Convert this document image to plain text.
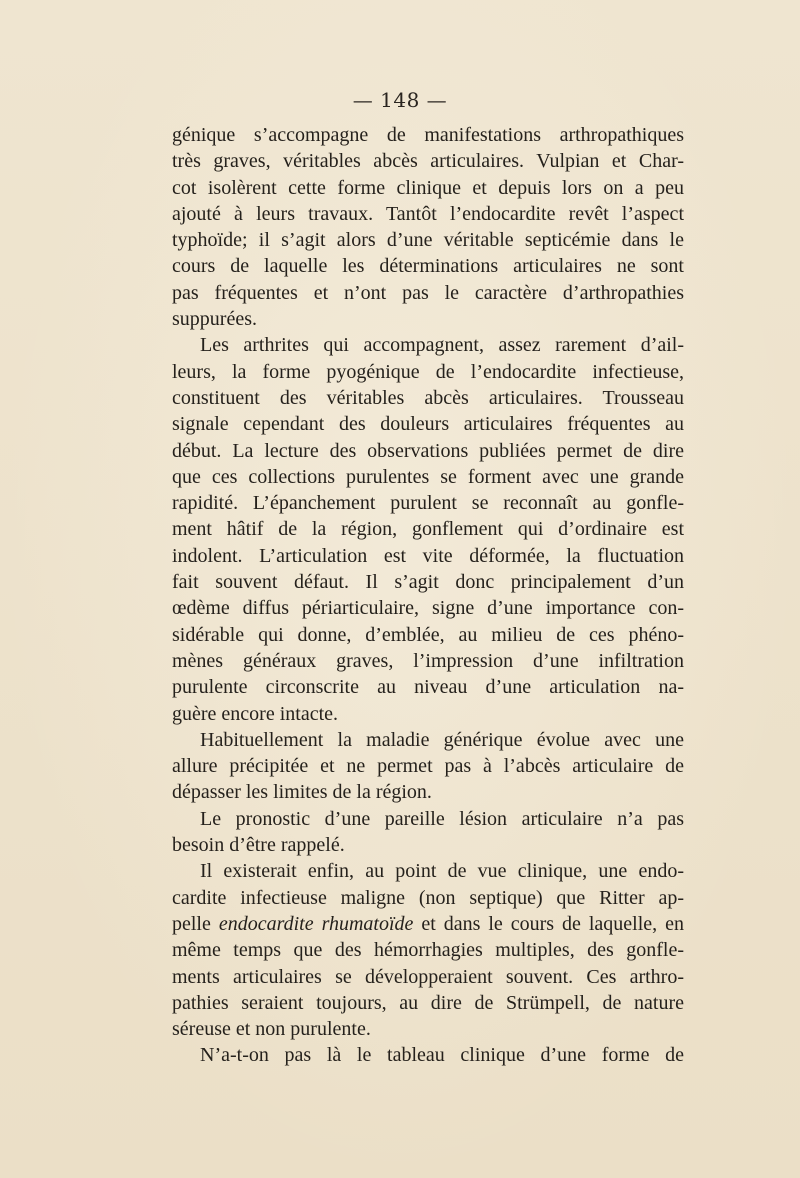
— 148 —
génique s’accompagne de manifestations arthropathiques
très graves, véritables abcès articulaires. Vulpian et Char-
cot isolèrent cette forme clinique et depuis lors on a peu
ajouté à leurs travaux. Tantôt l’endocardite revêt l’aspect
typhoïde; il s’agit alors d’une véritable septicémie dans le
cours de laquelle les déterminations articulaires ne sont
pas fréquentes et n’ont pas le caractère d’arthropathies
suppurées.
Les arthrites qui accompagnent, assez rarement d’ail-
leurs, la forme pyogénique de l’endocardite infectieuse,
constituent des véritables abcès articulaires. Trousseau
signale cependant des douleurs articulaires fréquentes au
début. La lecture des observations publiées permet de dire
que ces collections purulentes se forment avec une grande
rapidité. L’épanchement purulent se reconnaît au gonfle-
ment hâtif de la région, gonflement qui d’ordinaire est
indolent. L’articulation est vite déformée, la fluctuation
fait souvent défaut. Il s’agit donc principalement d’un
œdème diffus périarticulaire, signe d’une importance con-
sidérable qui donne, d’emblée, au milieu de ces phéno-
mènes généraux graves, l’impression d’une infiltration
purulente circonscrite au niveau d’une articulation na-
guère encore intacte.
Habituellement la maladie générique évolue avec une
allure précipitée et ne permet pas à l’abcès articulaire de
dépasser les limites de la région.
Le pronostic d’une pareille lésion articulaire n’a pas
besoin d’être rappelé.
Il existerait enfin, au point de vue clinique, une endo-
cardite infectieuse maligne (non septique) que Ritter ap-
pelle endocardite rhumatoïde et dans le cours de laquelle, en
même temps que des hémorrhagies multiples, des gonfle-
ments articulaires se développeraient souvent. Ces arthro-
pathies seraient toujours, au dire de Strümpell, de nature
séreuse et non purulente.
N’a-t-on pas là le tableau clinique d’une forme de
